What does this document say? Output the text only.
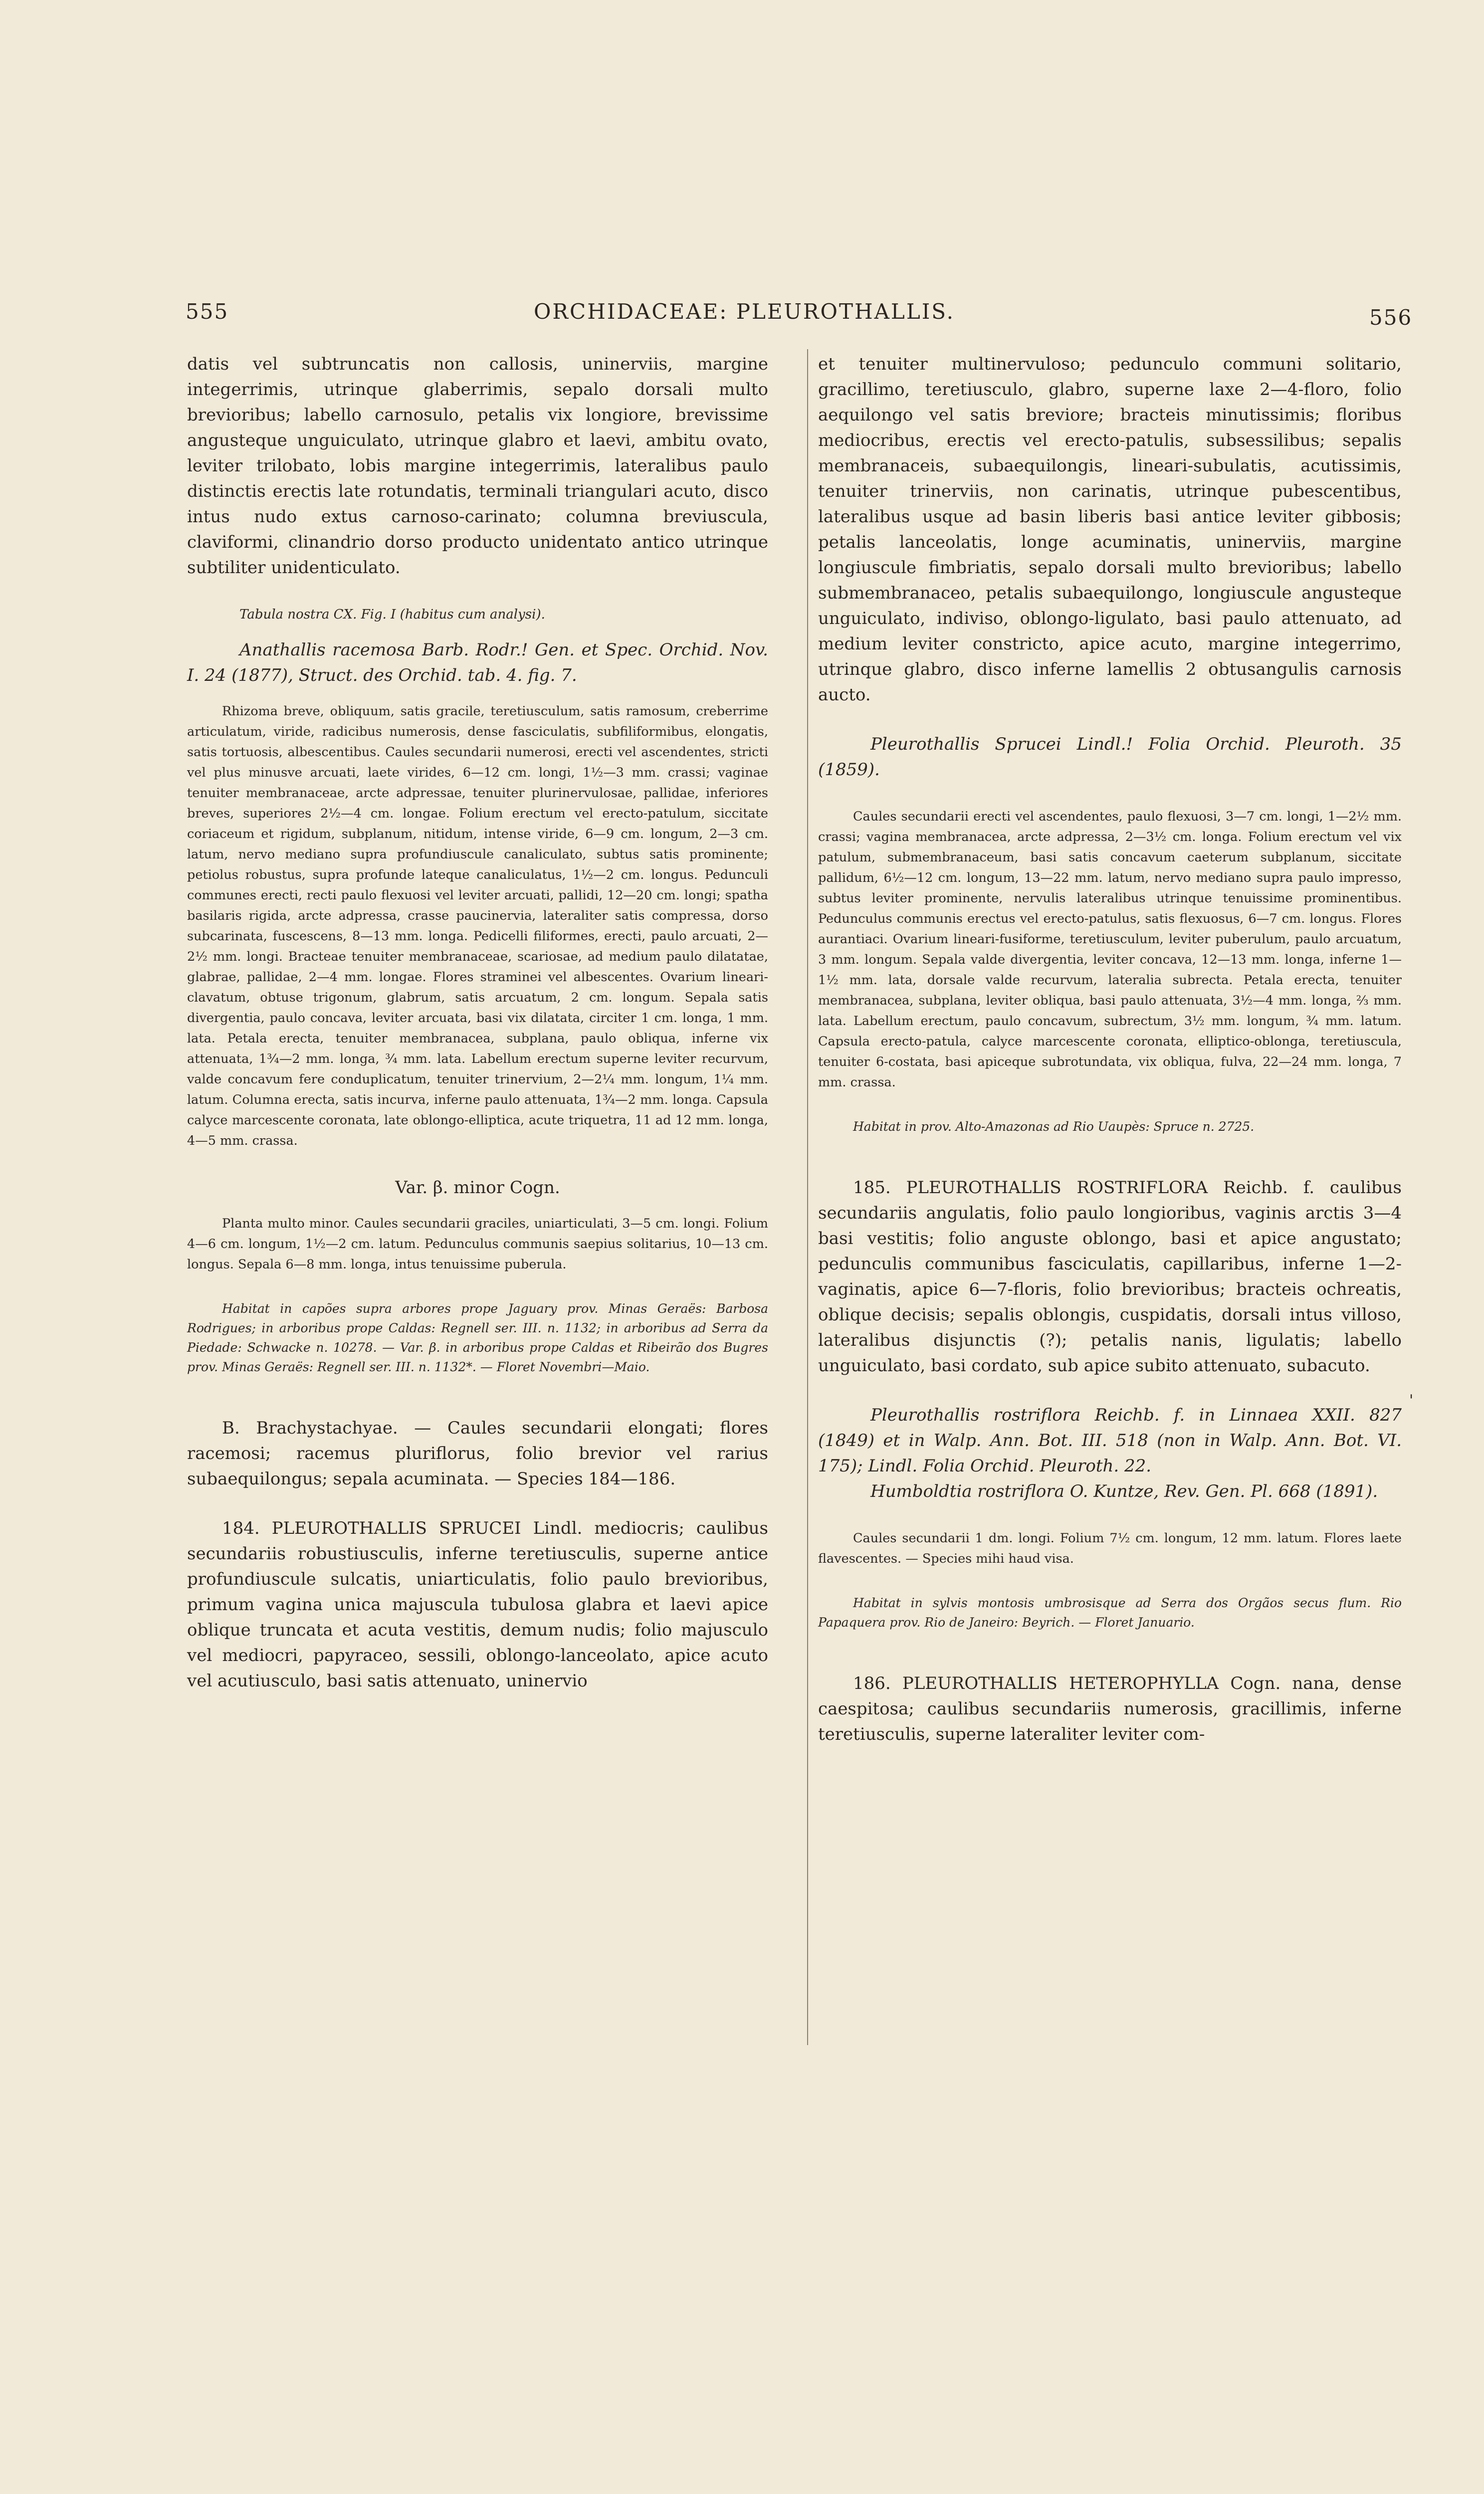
555	ORCHIDACEAE: PLEUROTHALLIS.	556

datis vel subtruncatis non callosis, uninerviis, margine integerrimis, utrinque glaberrimis, sepalo dorsali multo brevioribus; labello carnosulo, petalis vix longiore, brevissime angusteque unguiculato, utrinque glabro et laevi, ambitu ovato, leviter trilobato, lobis margine integerrimis, lateralibus paulo distinctis erectis late rotundatis, terminali triangulari acuto, disco intus nudo extus carnoso-carinato; columna breviuscula, claviformi, clinandrio dorso producto unidentato antico utrinque subtiliter unidenticulato.

Tabula nostra CX. Fig. I (habitus cum analysi).

Anathallis racemosa Barb. Rodr.! Gen. et Spec. Orchid. Nov. I. 24 (1877), Struct. des Orchid. tab. 4. fig. 7.

Rhizoma breve, obliquum, satis gracile, teretiusculum, satis ramosum, creberrime articulatum, viride, radicibus numerosis, dense fasciculatis, subfiliformibus, elongatis, satis tortuosis, albescentibus. Caules secundarii numerosi, erecti vel ascendentes, stricti vel plus minusve arcuati, laete virides, 6—12 cm. longi, 1½—3 mm. crassi; vaginae tenuiter membranaceae, arcte adpressae, tenuiter plurinervulosae, pallidae, inferiores breves, superiores 2½—4 cm. longae. Folium erectum vel erecto-patulum, siccitate coriaceum et rigidum, subplanum, nitidum, intense viride, 6—9 cm. longum, 2—3 cm. latum, nervo mediano supra profundiuscule canaliculato, subtus satis prominente; petiolus robustus, supra profunde lateque canaliculatus, 1½—2 cm. longus. Pedunculi communes erecti, recti paulo flexuosi vel leviter arcuati, pallidi, 12—20 cm. longi; spatha basilaris rigida, arcte adpressa, crasse paucinervia, lateraliter satis compressa, dorso subcarinata, fuscescens, 8—13 mm. longa. Pedicelli filiformes, erecti, paulo arcuati, 2—2½ mm. longi. Bracteae tenuiter membranaceae, scariosae, ad medium paulo dilatatae, glabrae, pallidae, 2—4 mm. longae. Flores straminei vel albescentes. Ovarium lineari-clavatum, obtuse trigonum, glabrum, satis arcuatum, 2 cm. longum. Sepala satis divergentia, paulo concava, leviter arcuata, basi vix dilatata, circiter 1 cm. longa, 1 mm. lata. Petala erecta, tenuiter membranacea, subplana, paulo obliqua, inferne vix attenuata, 1¾—2 mm. longa, ¾ mm. lata. Labellum erectum superne leviter recurvum, valde concavum fere conduplicatum, tenuiter trinervium, 2—2¼ mm. longum, 1¼ mm. latum. Columna erecta, satis incurva, inferne paulo attenuata, 1¾—2 mm. longa. Capsula calyce marcescente coronata, late oblongo-elliptica, acute triquetra, 11 ad 12 mm. longa, 4—5 mm. crassa.

Var. β. minor Cogn.

Planta multo minor. Caules secundarii graciles, uniarticulati, 3—5 cm. longi. Folium 4—6 cm. longum, 1½—2 cm. latum. Pedunculus communis saepius solitarius, 10—13 cm. longus. Sepala 6—8 mm. longa, intus tenuissime puberula.

Habitat in capões supra arbores prope Jaguary prov. Minas Geraës: Barbosa Rodrigues; in arboribus prope Caldas: Regnell ser. III. n. 1132; in arboribus ad Serra da Piedade: Schwacke n. 10278. — Var. β. in arboribus prope Caldas et Ribeirão dos Bugres prov. Minas Geraës: Regnell ser. III. n. 1132*. — Floret Novembri—Maio.

B. Brachystachyae. — Caules secundarii elongati; flores racemosi; racemus pluriflorus, folio brevior vel rarius subaequilongus; sepala acuminata. — Species 184—186.

184. PLEUROTHALLIS SPRUCEI Lindl. mediocris; caulibus secundariis robustiusculis, inferne teretiusculis, superne antice profundiuscule sulcatis, uniarticulatis, folio paulo brevioribus, primum vagina unica majuscula tubulosa glabra et laevi apice oblique truncata et acuta vestitis, demum nudis; folio majusculo vel mediocri, papyraceo, sessili, oblongo-lanceolato, apice acuto vel acutiusculo, basi satis attenuato, uninervio

et tenuiter multinervuloso; pedunculo communi solitario, gracillimo, teretiusculo, glabro, superne laxe 2—4-floro, folio aequilongo vel satis breviore; bracteis minutissimis; floribus mediocribus, erectis vel erecto-patulis, subsessilibus; sepalis membranaceis, subaequilongis, lineari-subulatis, acutissimis, tenuiter trinerviis, non carinatis, utrinque pubescentibus, lateralibus usque ad basin liberis basi antice leviter gibbosis; petalis lanceolatis, longe acuminatis, uninerviis, margine longiuscule fimbriatis, sepalo dorsali multo brevioribus; labello submembranaceo, petalis subaequilongo, longiuscule angusteque unguiculato, indiviso, oblongo-ligulato, basi paulo attenuato, ad medium leviter constricto, apice acuto, margine integerrimo, utrinque glabro, disco inferne lamellis 2 obtusangulis carnosis aucto.

Pleurothallis Sprucei Lindl.! Folia Orchid. Pleuroth. 35 (1859).

Caules secundarii erecti vel ascendentes, paulo flexuosi, 3—7 cm. longi, 1—2½ mm. crassi; vagina membranacea, arcte adpressa, 2—3½ cm. longa. Folium erectum vel vix patulum, submembranaceum, basi satis concavum caeterum subplanum, siccitate pallidum, 6½—12 cm. longum, 13—22 mm. latum, nervo mediano supra paulo impresso, subtus leviter prominente, nervulis lateralibus utrinque tenuissime prominentibus. Pedunculus communis erectus vel erecto-patulus, satis flexuosus, 6—7 cm. longus. Flores aurantiaci. Ovarium lineari-fusiforme, teretiusculum, leviter puberulum, paulo arcuatum, 3 mm. longum. Sepala valde divergentia, leviter concava, 12—13 mm. longa, inferne 1—1½ mm. lata, dorsale valde recurvum, lateralia subrecta. Petala erecta, tenuiter membranacea, subplana, leviter obliqua, basi paulo attenuata, 3½—4 mm. longa, ⅔ mm. lata. Labellum erectum, paulo concavum, subrectum, 3½ mm. longum, ¾ mm. latum. Capsula erecto-patula, calyce marcescente coronata, elliptico-oblonga, teretiuscula, tenuiter 6-costata, basi apiceque subrotundata, vix obliqua, fulva, 22—24 mm. longa, 7 mm. crassa.

Habitat in prov. Alto-Amazonas ad Rio Uaupès: Spruce n. 2725.

185. PLEUROTHALLIS ROSTRIFLORA Reichb. f. caulibus secundariis angulatis, folio paulo longioribus, vaginis arctis 3—4 basi vestitis; folio anguste oblongo, basi et apice angustato; pedunculis communibus fasciculatis, capillaribus, inferne 1—2-vaginatis, apice 6—7-floris, folio brevioribus; bracteis ochreatis, oblique decisis; sepalis oblongis, cuspidatis, dorsali intus villoso, lateralibus disjunctis (?); petalis nanis, ligulatis; labello unguiculato, basi cordato, sub apice subito attenuato, subacuto.

Pleurothallis rostriflora Reichb. f. in Linnaea XXII. 827 (1849) et in Walp. Ann. Bot. III. 518 (non in Walp. Ann. Bot. VI. 175); Lindl. Folia Orchid. Pleuroth. 22.

Humboldtia rostriflora O. Kuntze, Rev. Gen. Pl. 668 (1891).

Caules secundarii 1 dm. longi. Folium 7½ cm. longum, 12 mm. latum. Flores laete flavescentes. — Species mihi haud visa.

Habitat in sylvis montosis umbrosisque ad Serra dos Orgãos secus flum. Rio Papaquera prov. Rio de Janeiro: Beyrich. — Floret Januario.

186. PLEUROTHALLIS HETEROPHYLLA Cogn. nana, dense caespitosa; caulibus secundariis numerosis, gracillimis, inferne teretiusculis, superne lateraliter leviter com-

'
